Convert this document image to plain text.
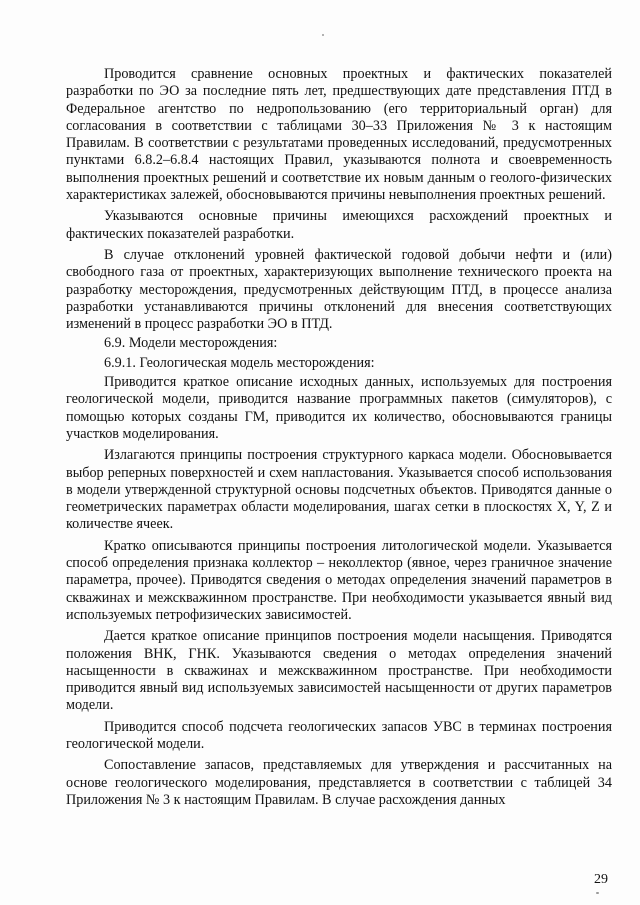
Проводится сравнение основных проектных и фактических показателей разработки по ЭО за последние пять лет, предшествующих дате представления ПТД в Федеральное агентство по недропользованию (его территориальный орган) для согласования в соответствии с таблицами 30–33 Приложения № 3 к настоящим Правилам. В соответствии с результатами проведенных исследований, предусмотренных пунктами 6.8.2–6.8.4 настоящих Правил, указываются полнота и своевременность выполнения проектных решений и соответствие их новым данным о геолого-физических характеристиках залежей, обосновываются причины невыполнения проектных решений.

Указываются основные причины имеющихся расхождений проектных и фактических показателей разработки.

В случае отклонений уровней фактической годовой добычи нефти и (или) свободного газа от проектных, характеризующих выполнение технического проекта на разработку месторождения, предусмотренных действующим ПТД, в процессе анализа разработки устанавливаются причины отклонений для внесения соответствующих изменений в процесс разработки ЭО в ПТД.

6.9. Модели месторождения:

6.9.1. Геологическая модель месторождения:

Приводится краткое описание исходных данных, используемых для построения геологической модели, приводится название программных пакетов (симуляторов), с помощью которых созданы ГМ, приводится их количество, обосновываются границы участков моделирования.

Излагаются принципы построения структурного каркаса модели. Обосновывается выбор реперных поверхностей и схем напластования. Указывается способ использования в модели утвержденной структурной основы подсчетных объектов. Приводятся данные о геометрических параметрах области моделирования, шагах сетки в плоскостях X, Y, Z и количестве ячеек.

Кратко описываются принципы построения литологической модели. Указывается способ определения признака коллектор – неколлектор (явное, через граничное значение параметра, прочее). Приводятся сведения о методах определения значений параметров в скважинах и межскважинном пространстве. При необходимости указывается явный вид используемых петрофизических зависимостей.

Дается краткое описание принципов построения модели насыщения. Приводятся положения ВНК, ГНК. Указываются сведения о методах определения значений насыщенности в скважинах и межскважинном пространстве. При необходимости приводится явный вид используемых зависимостей насыщенности от других параметров модели.

Приводится способ подсчета геологических запасов УВС в терминах построения геологической модели.

Сопоставление запасов, представляемых для утверждения и рассчитанных на основе геологического моделирования, представляется в соответствии с таблицей 34 Приложения № 3 к настоящим Правилам. В случае расхождения данных

29
